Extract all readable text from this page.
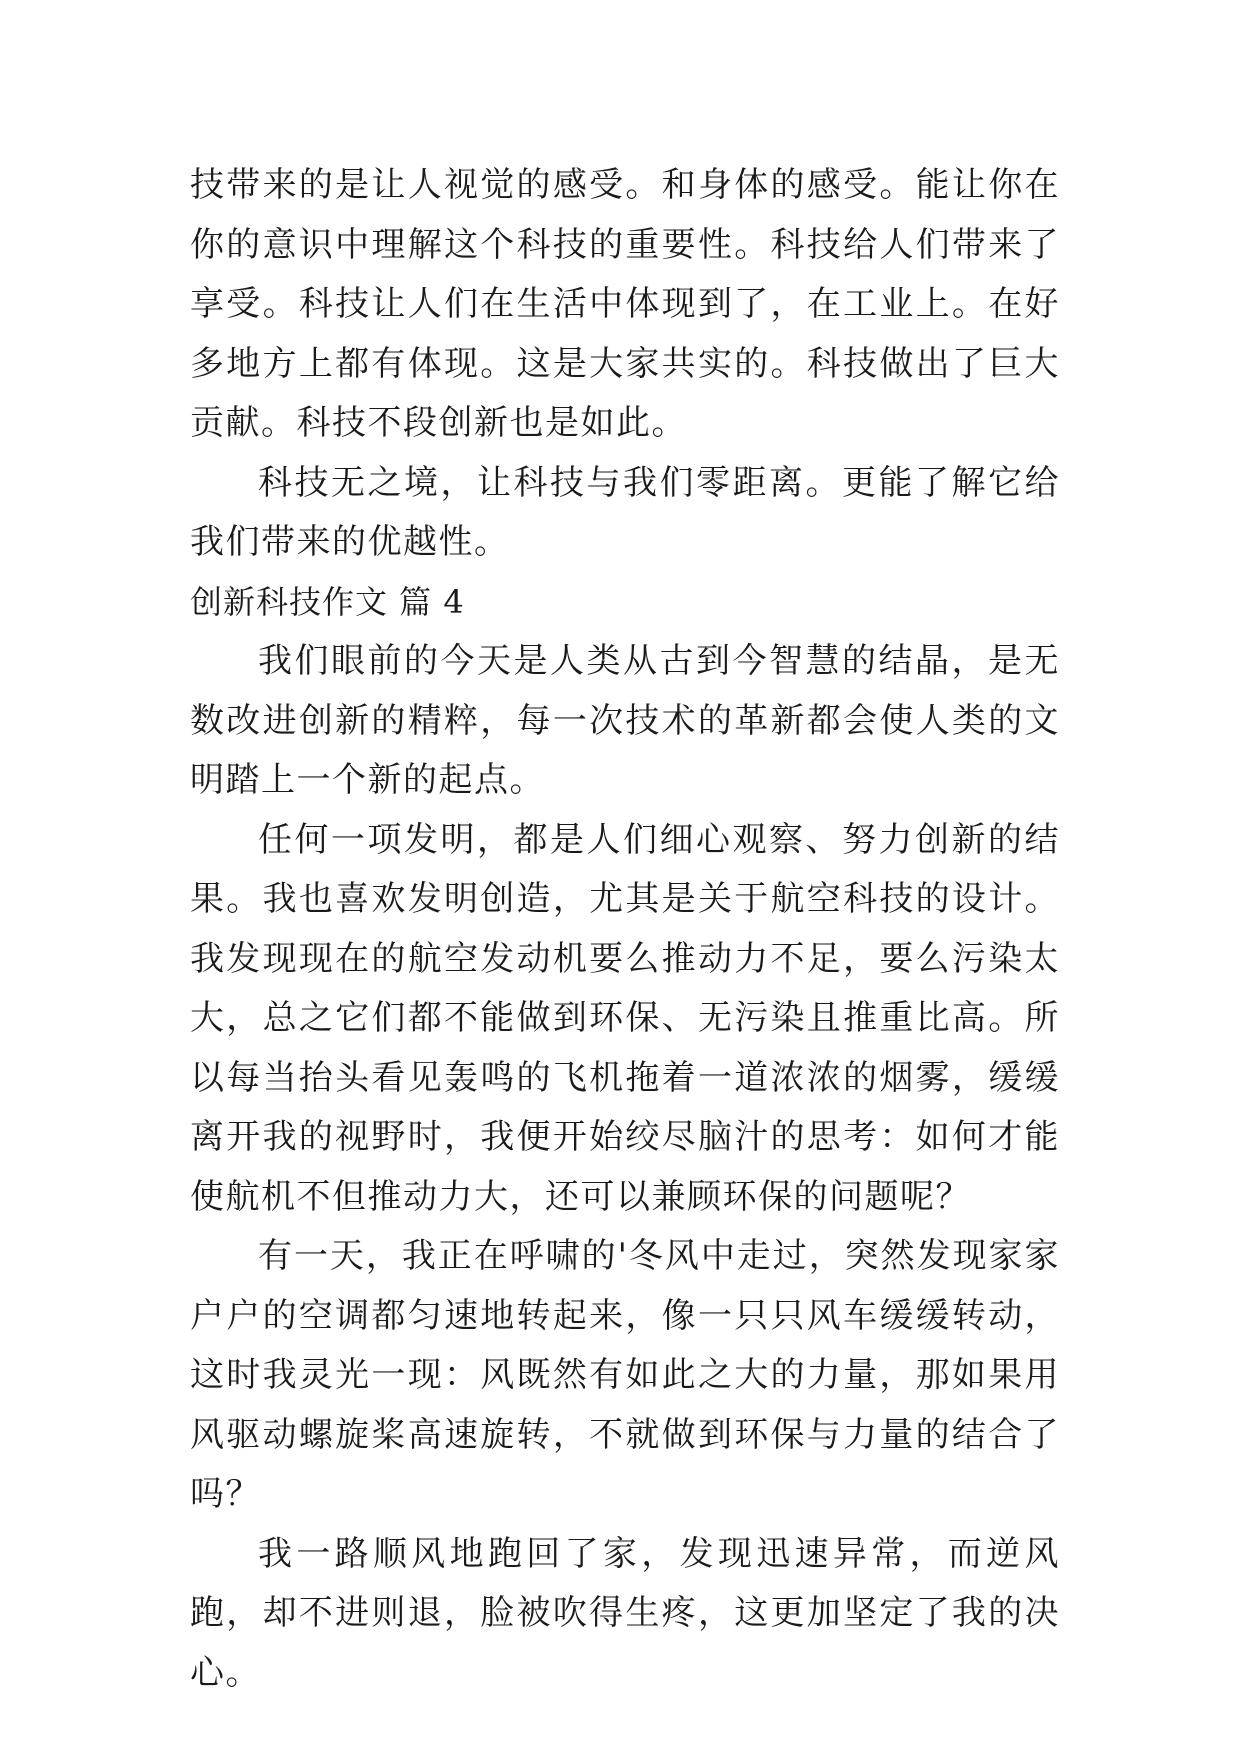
技带来的是让人视觉的感受。和身体的感受。能让你在你的意识中理解这个科技的重要性。科技给人们带来了享受。科技让人们在生活中体现到了，在工业上。在好多地方上都有体现。这是大家共实的。科技做出了巨大贡献。科技不段创新也是如此。

科技无之境，让科技与我们零距离。更能了解它给我们带来的优越性。

创新科技作文 篇 4

我们眼前的今天是人类从古到今智慧的结晶，是无数改进创新的精粹，每一次技术的革新都会使人类的文明踏上一个新的起点。

任何一项发明，都是人们细心观察、努力创新的结果。我也喜欢发明创造，尤其是关于航空科技的设计。我发现现在的航空发动机要么推动力不足，要么污染太大，总之它们都不能做到环保、无污染且推重比高。所以每当抬头看见轰鸣的飞机拖着一道浓浓的烟雾，缓缓离开我的视野时，我便开始绞尽脑汁的思考：如何才能使航机不但推动力大，还可以兼顾环保的问题呢？

有一天，我正在呼啸的'冬风中走过，突然发现家家户户的空调都匀速地转起来，像一只只风车缓缓转动，这时我灵光一现：风既然有如此之大的力量，那如果用风驱动螺旋桨高速旋转，不就做到环保与力量的结合了吗？

我一路顺风地跑回了家，发现迅速异常，而逆风跑，却不进则退，脸被吹得生疼，这更加坚定了我的决心。
